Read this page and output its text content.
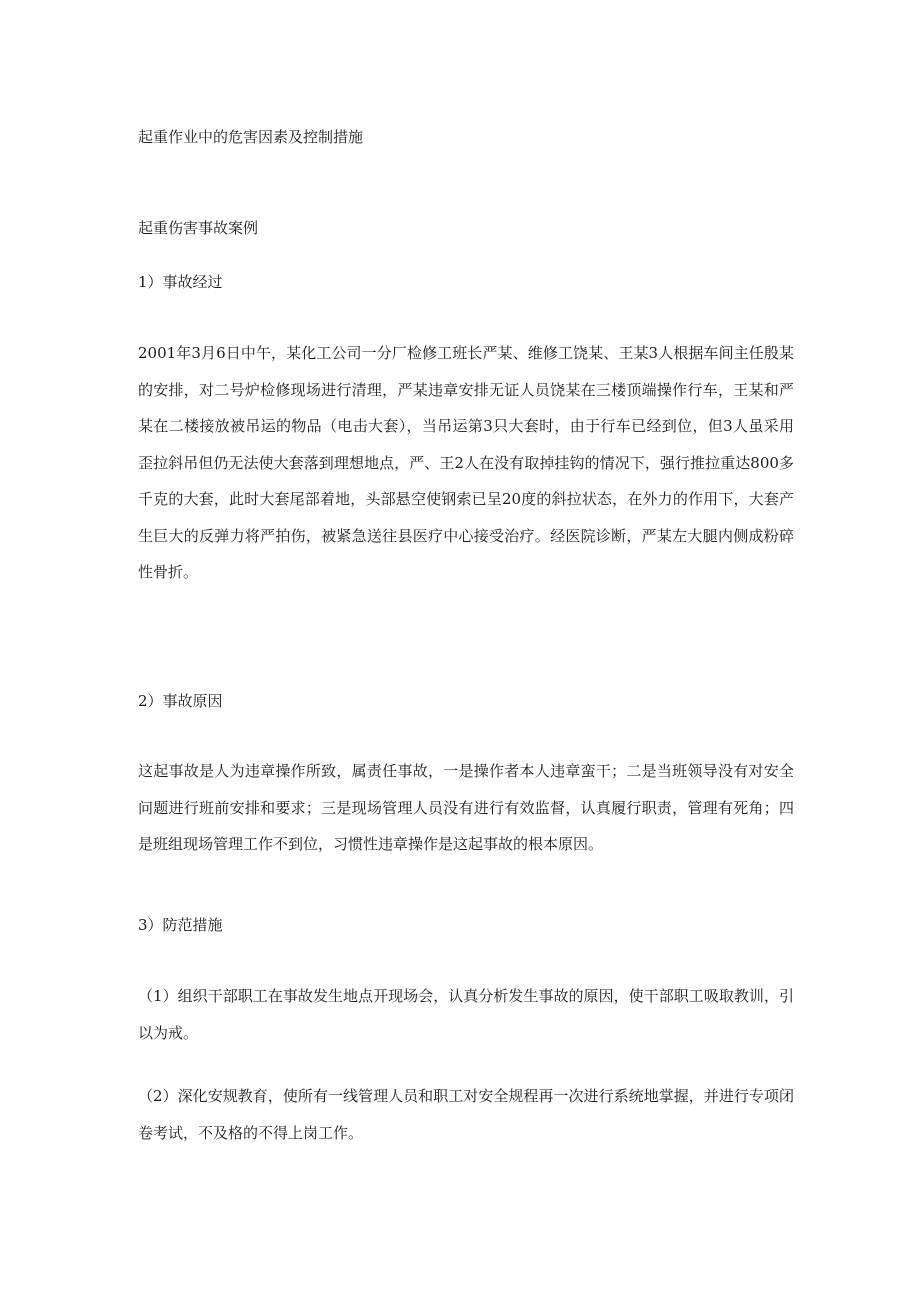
起重作业中的危害因素及控制措施
起重伤害事故案例
1）事故经过
2001年3月6日中午，某化工公司一分厂检修工班长严某、维修工饶某、王某3人根据车间主任殷某的安排，对二号炉检修现场进行清理，严某违章安排无证人员饶某在三楼顶端操作行车，王某和严某在二楼接放被吊运的物品（电击大套），当吊运第3只大套时，由于行车已经到位，但3人虽采用歪拉斜吊但仍无法使大套落到理想地点，严、王2人在没有取掉挂钩的情况下，强行推拉重达800多千克的大套，此时大套尾部着地，头部悬空使钢索已呈20度的斜拉状态，在外力的作用下，大套产生巨大的反弹力将严拍伤，被紧急送往县医疗中心接受治疗。经医院诊断，严某左大腿内侧成粉碎性骨折。
2）事故原因
这起事故是人为违章操作所致，属责任事故，一是操作者本人违章蛮干；二是当班领导没有对安全问题进行班前安排和要求；三是现场管理人员没有进行有效监督，认真履行职责，管理有死角；四是班组现场管理工作不到位，习惯性违章操作是这起事故的根本原因。
3）防范措施
（1）组织干部职工在事故发生地点开现场会，认真分析发生事故的原因，使干部职工吸取教训，引以为戒。
（2）深化安规教育，使所有一线管理人员和职工对安全规程再一次进行系统地掌握，并进行专项闭卷考试，不及格的不得上岗工作。
